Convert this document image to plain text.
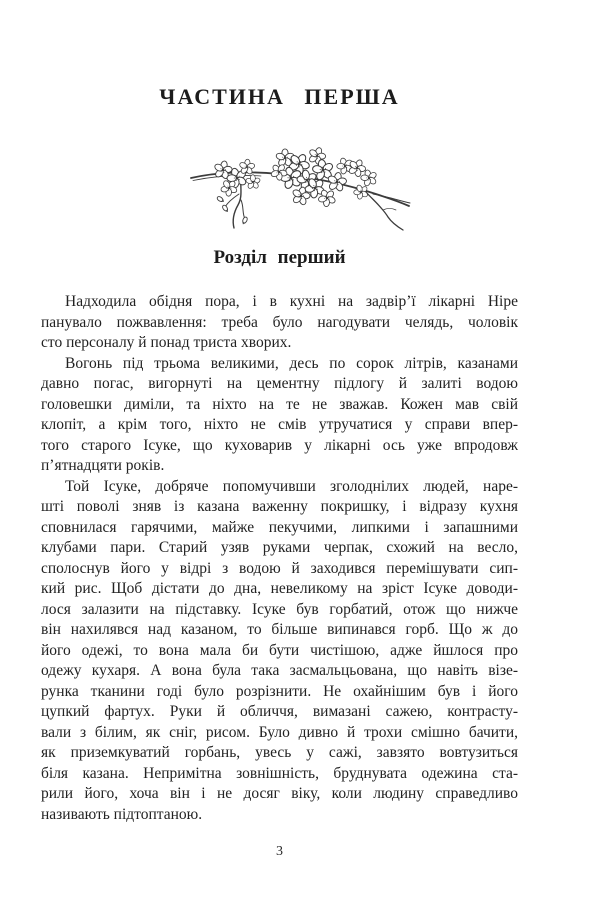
ЧАСТИНА ПЕРША
Розділ перший
Надходила обідня пора, і в кухні на задвір’ї лікарні Ніре
панувало пожвавлення: треба було нагодувати челядь, чоловік
сто персоналу й понад триста хворих.
Вогонь під трьома великими, десь по сорок літрів, казанами
давно погас, вигорнуті на цементну підлогу й залиті водою
головешки диміли, та ніхто на те не зважав. Кожен мав свій
клопіт, а крім того, ніхто не смів утручатися у справи впер-
того старого Ісуке, що куховарив у лікарні ось уже впродовж
п’ятнадцяти років.
Той Ісуке, добряче попомучивши зголоднілих людей, наре-
шті поволі зняв із казана важенну покришку, і відразу кухня
сповнилася гарячими, майже пекучими, липкими і запашними
клубами пари. Старий узяв руками черпак, схожий на весло,
сполоснув його у відрі з водою й заходився перемішувати сип-
кий рис. Щоб дістати до дна, невеликому на зріст Ісуке доводи-
лося залазити на підставку. Ісуке був горбатий, отож що нижче
він нахилявся над казаном, то більше випинався горб. Що ж до
його одежі, то вона мала би бути чистішою, адже йшлося про
одежу кухаря. А вона була така засмальцьована, що навіть візе-
рунка тканини годі було розрізнити. Не охайнішим був і його
цупкий фартух. Руки й обличчя, вимазані сажею, контрасту-
вали з білим, як сніг, рисом. Було дивно й трохи смішно бачити,
як приземкуватий горбань, увесь у сажі, завзято вовтузиться
біля казана. Непримітна зовнішність, бруднувата одежина ста-
рили його, хоча він і не досяг віку, коли людину справедливо
називають підтоптаною.
3
